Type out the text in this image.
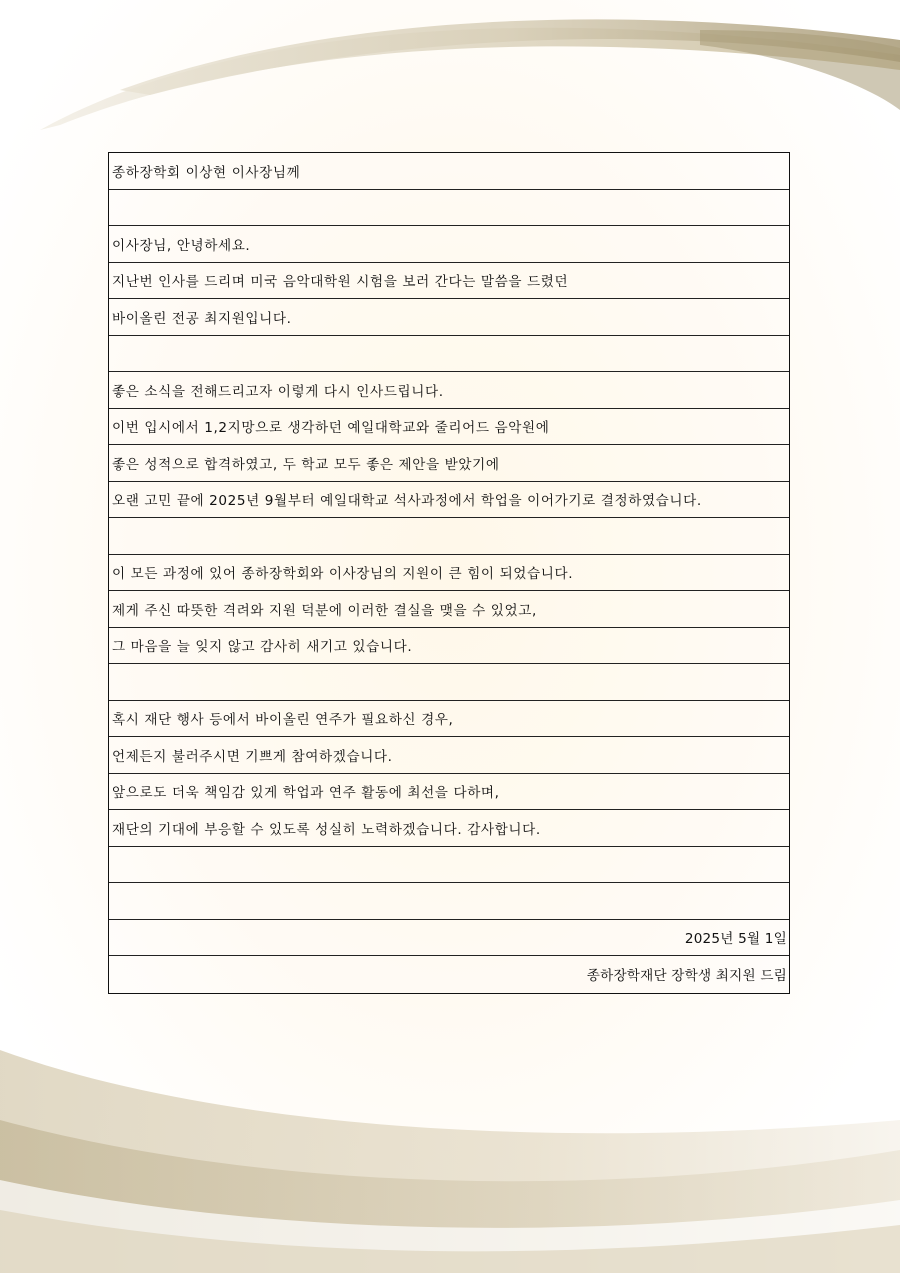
종하장학회 이상현 이사장님께
이사장님, 안녕하세요.
지난번 인사를 드리며 미국 음악대학원 시험을 보러 간다는 말씀을 드렸던
바이올린 전공 최지원입니다.
좋은 소식을 전해드리고자 이렇게 다시 인사드립니다.
이번 입시에서 1,2지망으로 생각하던 예일대학교와 줄리어드 음악원에
좋은 성적으로 합격하였고, 두 학교 모두 좋은 제안을 받았기에
오랜 고민 끝에 2025년 9월부터 예일대학교 석사과정에서 학업을 이어가기로 결정하였습니다.
이 모든 과정에 있어 종하장학회와 이사장님의 지원이 큰 힘이 되었습니다.
제게 주신 따뜻한 격려와 지원 덕분에 이러한 결실을 맺을 수 있었고,
그 마음을 늘 잊지 않고 감사히 새기고 있습니다.
혹시 재단 행사 등에서 바이올린 연주가 필요하신 경우,
언제든지 불러주시면 기쁘게 참여하겠습니다.
앞으로도 더욱 책임감 있게 학업과 연주 활동에 최선을 다하며,
재단의 기대에 부응할 수 있도록 성실히 노력하겠습니다. 감사합니다.
2025년 5월 1일
종하장학재단 장학생 최지원 드림
